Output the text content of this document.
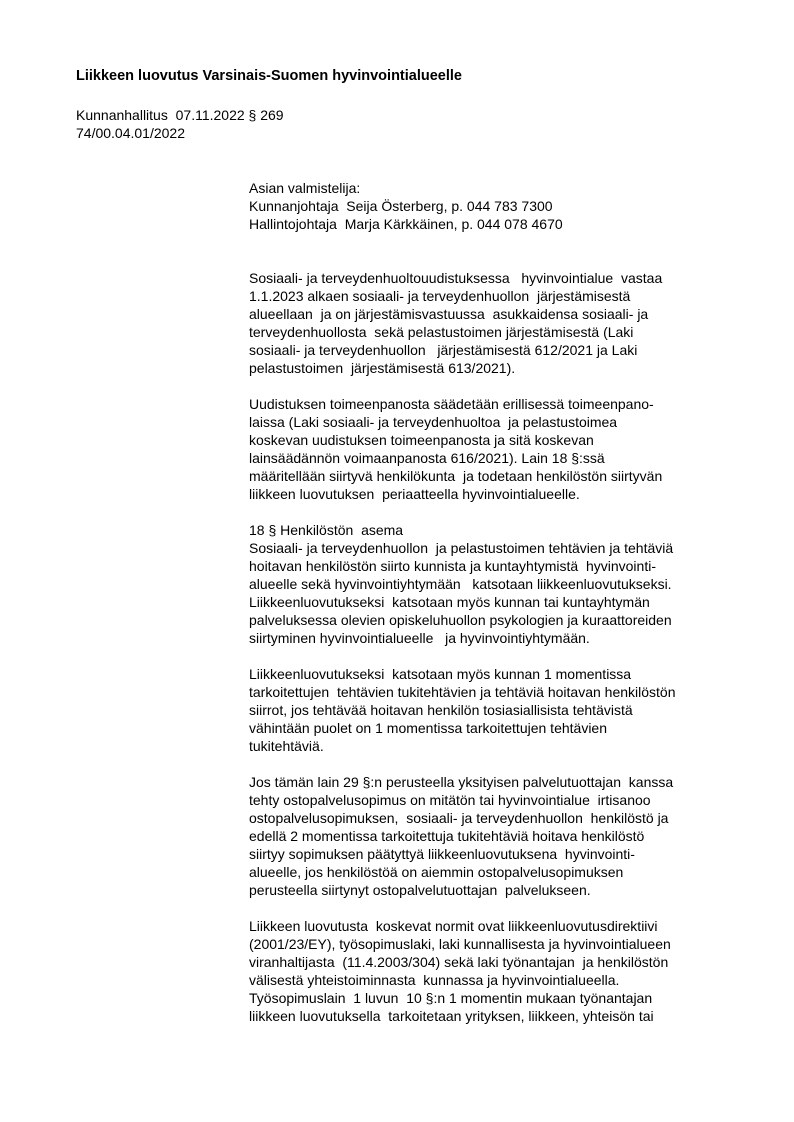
Liikkeen luovutus Varsinais-Suomen hyvinvointialueelle
Kunnanhallitus  07.11.2022 § 269
74/00.04.01/2022
Asian valmistelija:
Kunnanjohtaja  Seija Österberg, p. 044 783 7300
Hallintojohtaja  Marja Kärkkäinen, p. 044 078 4670
Sosiaali- ja terveydenhuoltouudistuksessa   hyvinvointialue  vastaa
1.1.2023 alkaen sosiaali- ja terveydenhuollon  järjestämisestä
alueellaan  ja on järjestämisvastuussa  asukkaidensa sosiaali- ja
terveydenhuollosta  sekä pelastustoimen järjestämisestä (Laki
sosiaali- ja terveydenhuollon   järjestämisestä 612/2021 ja Laki
pelastustoimen  järjestämisestä 613/2021).
Uudistuksen toimeenpanosta säädetään erillisessä toimeenpano-
laissa (Laki sosiaali- ja terveydenhuoltoa  ja pelastustoimea
koskevan uudistuksen toimeenpanosta ja sitä koskevan
lainsäädännön voimaanpanosta 616/2021). Lain 18 §:ssä
määritellään siirtyvä henkilökunta  ja todetaan henkilöstön siirtyvän
liikkeen luovutuksen  periaatteella hyvinvointialueelle.
18 § Henkilöstön  asema
Sosiaali- ja terveydenhuollon  ja pelastustoimen tehtävien ja tehtäviä
hoitavan henkilöstön siirto kunnista ja kuntayhtymistä  hyvinvointi-
alueelle sekä hyvinvointiyhtymään   katsotaan liikkeenluovutukseksi.
Liikkeenluovutukseksi  katsotaan myös kunnan tai kuntayhtymän
palveluksessa olevien opiskeluhuollon psykologien ja kuraattoreiden
siirtyminen hyvinvointialueelle   ja hyvinvointiyhtymään.
Liikkeenluovutukseksi  katsotaan myös kunnan 1 momentissa
tarkoitettujen  tehtävien tukitehtävien ja tehtäviä hoitavan henkilöstön
siirrot, jos tehtävää hoitavan henkilön tosiasiallisista tehtävistä
vähintään puolet on 1 momentissa tarkoitettujen tehtävien
tukitehtäviä.
Jos tämän lain 29 §:n perusteella yksityisen palvelutuottajan  kanssa
tehty ostopalvelusopimus on mitätön tai hyvinvointialue  irtisanoo
ostopalvelusopimuksen,  sosiaali- ja terveydenhuollon  henkilöstö ja
edellä 2 momentissa tarkoitettuja tukitehtäviä hoitava henkilöstö
siirtyy sopimuksen päätyttyä liikkeenluovutuksena  hyvinvointi-
alueelle, jos henkilöstöä on aiemmin ostopalvelusopimuksen
perusteella siirtynyt ostopalvelutuottajan  palvelukseen.
Liikkeen luovutusta  koskevat normit ovat liikkeenluovutusdirektiivi
(2001/23/EY), työsopimuslaki, laki kunnallisesta ja hyvinvointialueen
viranhaltijasta  (11.4.2003/304) sekä laki työnantajan  ja henkilöstön
välisestä yhteistoiminnasta  kunnassa ja hyvinvointialueella.
Työsopimuslain  1 luvun  10 §:n 1 momentin mukaan työnantajan
liikkeen luovutuksella  tarkoitetaan yrityksen, liikkeen, yhteisön tai
